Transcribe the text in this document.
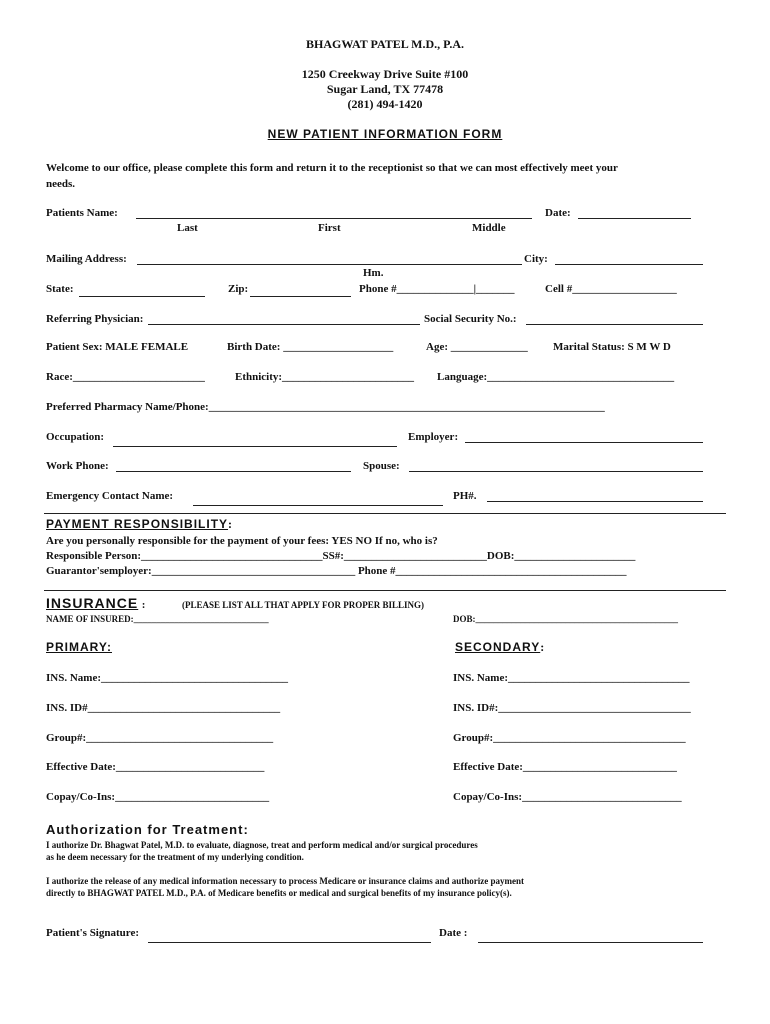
BHAGWAT PATEL M.D., P.A.
1250 Creekway Drive Suite #100
Sugar Land, TX 77478
(281) 494-1420
NEW PATIENT INFORMATION FORM
Welcome to our office, please complete this form and return it to the receptionist so that we can most effectively meet your
needs.
Patients Name:	Date:
Last	First	Middle
Mailing Address:	City:
Hm.
State:	Zip:	Phone #______________|_______	Cell #___________________
Referring Physician:	Social Security No.:
Patient Sex: MALE FEMALE	Birth Date: ____________________	Age: ______________ Marital Status: S M W D
Race:________________________	Ethnicity:________________________ Language:__________________________________
Preferred Pharmacy Name/Phone:________________________________________________________________________
Occupation:	Employer:
Work Phone:	Spouse:
Emergency Contact Name:	PH#.
PAYMENT RESPONSIBILITY:
Are you personally responsible for the payment of your fees: YES NO If no, who is?
Responsible Person:_________________________________SS#:__________________________DOB:______________________
Guarantor'semployer:_____________________________________ Phone #__________________________________________
INSURANCE :	(PLEASE LIST ALL THAT APPLY FOR PROPER BILLING)
NAME OF INSURED:______________________________	DOB:_____________________________________________
PRIMARY:	SECONDARY:
INS. Name:__________________________________
INS. ID#___________________________________
Group#:__________________________________
Effective Date:___________________________
Copay/Co-Ins:____________________________
INS. Name:_________________________________
INS. ID#:___________________________________
Group#:___________________________________
Effective Date:____________________________
Copay/Co-Ins:_____________________________
Authorization for Treatment:
I authorize Dr. Bhagwat Patel, M.D. to evaluate, diagnose, treat and perform medical and/or surgical procedures
as he deem necessary for the treatment of my underlying condition.
I authorize the release of any medical information necessary to process Medicare or insurance claims and authorize payment
directly to BHAGWAT PATEL M.D., P.A. of Medicare benefits or medical and surgical benefits of my insurance policy(s).
Patient's Signature:	Date :
